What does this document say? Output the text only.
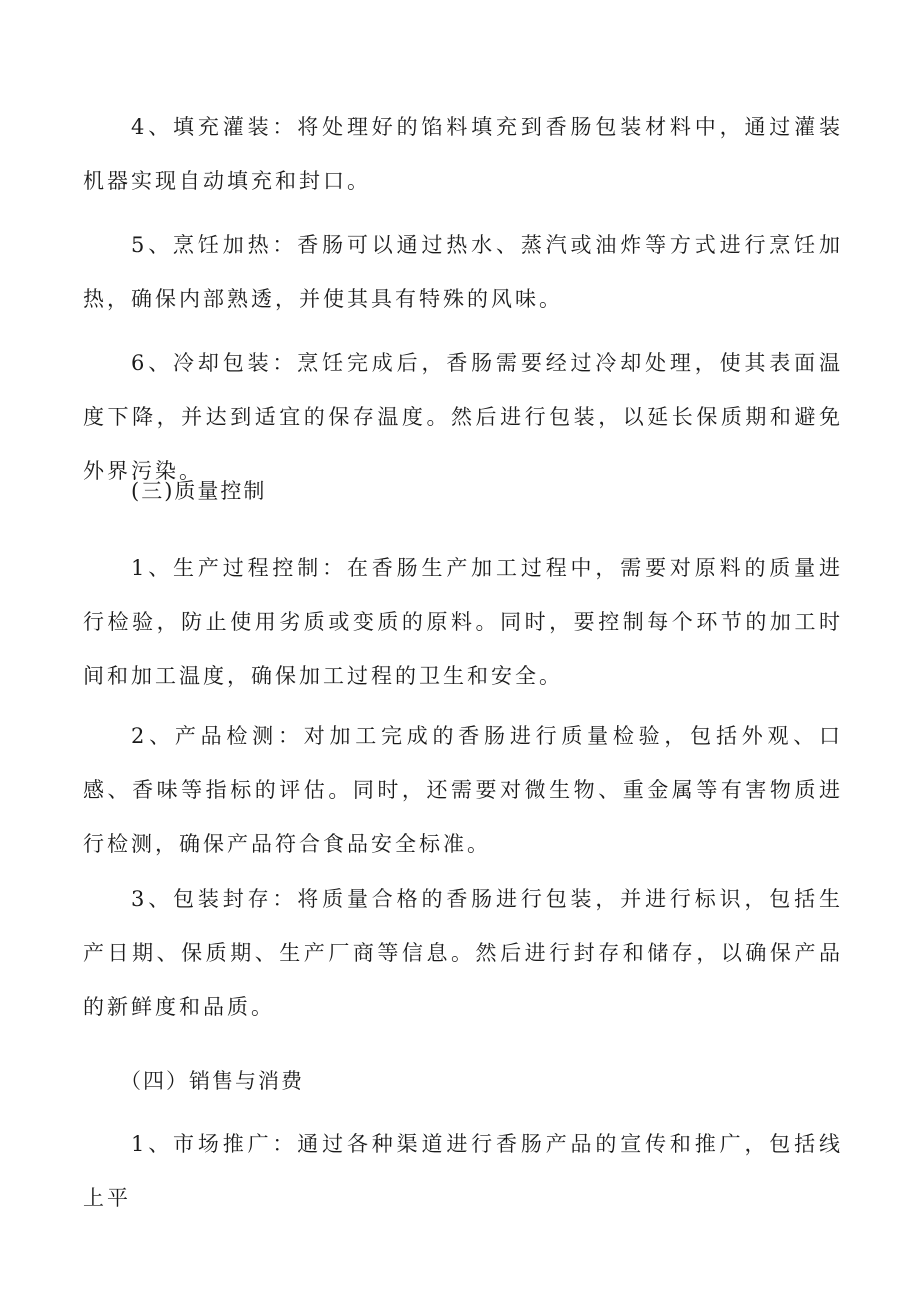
4、填充灌装：将处理好的馅料填充到香肠包装材料中，通过灌装机器实现自动填充和封口。

5、烹饪加热：香肠可以通过热水、蒸汽或油炸等方式进行烹饪加热，确保内部熟透，并使其具有特殊的风味。

6、冷却包装：烹饪完成后，香肠需要经过冷却处理，使其表面温度下降，并达到适宜的保存温度。然后进行包装，以延长保质期和避免外界污染。

(三)质量控制

1、生产过程控制：在香肠生产加工过程中，需要对原料的质量进行检验，防止使用劣质或变质的原料。同时，要控制每个环节的加工时间和加工温度，确保加工过程的卫生和安全。

2、产品检测：对加工完成的香肠进行质量检验，包括外观、口感、香味等指标的评估。同时，还需要对微生物、重金属等有害物质进行检测，确保产品符合食品安全标准。

3、包装封存：将质量合格的香肠进行包装，并进行标识，包括生产日期、保质期、生产厂商等信息。然后进行封存和储存，以确保产品的新鲜度和品质。

（四）销售与消费

1、市场推广：通过各种渠道进行香肠产品的宣传和推广，包括线上平
